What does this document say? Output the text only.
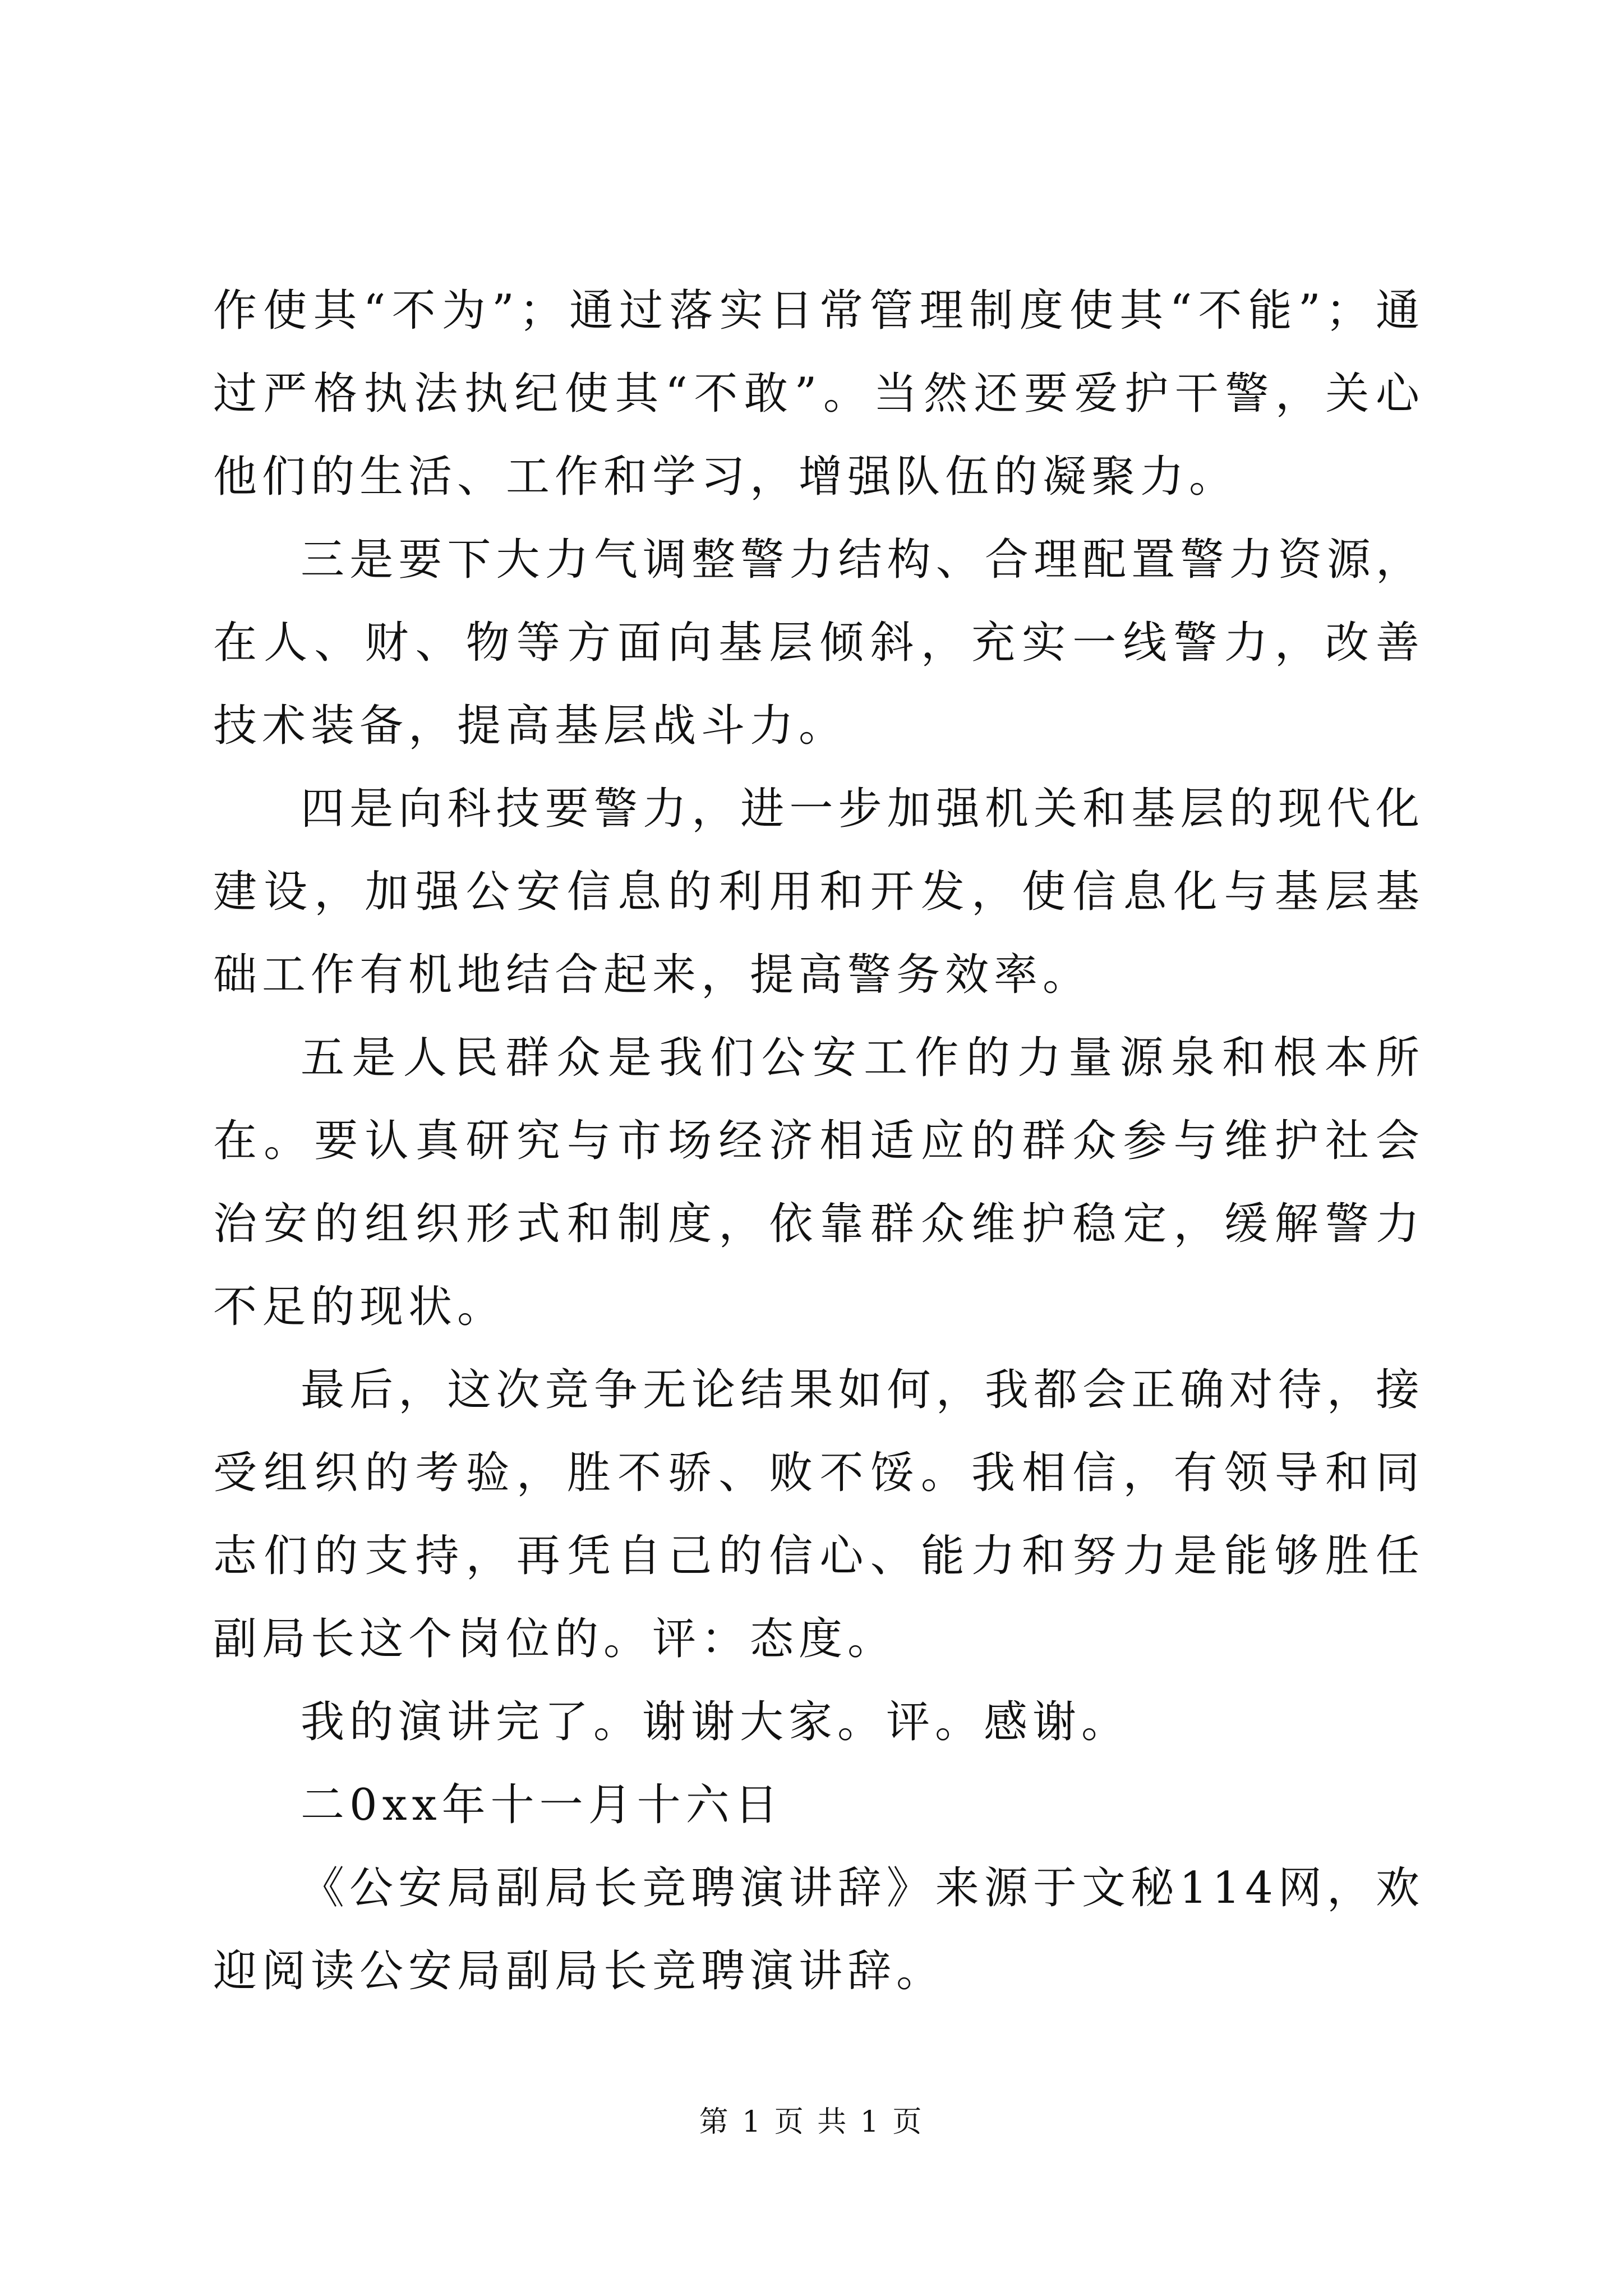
作使其“不为”；通过落实日常管理制度使其“不能”；通过严格执法执纪使其“不敢”。当然还要爱护干警，关心他们的生活、工作和学习，增强队伍的凝聚力。

三是要下大力气调整警力结构、合理配置警力资源，在人、财、物等方面向基层倾斜，充实一线警力，改善技术装备，提高基层战斗力。

四是向科技要警力，进一步加强机关和基层的现代化建设，加强公安信息的利用和开发，使信息化与基层基础工作有机地结合起来，提高警务效率。

五是人民群众是我们公安工作的力量源泉和根本所在。要认真研究与市场经济相适应的群众参与维护社会治安的组织形式和制度，依靠群众维护稳定，缓解警力不足的现状。

最后，这次竞争无论结果如何，我都会正确对待，接受组织的考验，胜不骄、败不馁。我相信，有领导和同志们的支持，再凭自己的信心、能力和努力是能够胜任副局长这个岗位的。评：态度。

我的演讲完了。谢谢大家。评。感谢。

二0xx年十一月十六日

《公安局副局长竞聘演讲辞》来源于文秘114网，欢迎阅读公安局副局长竞聘演讲辞。

第 1 页 共 1 页
